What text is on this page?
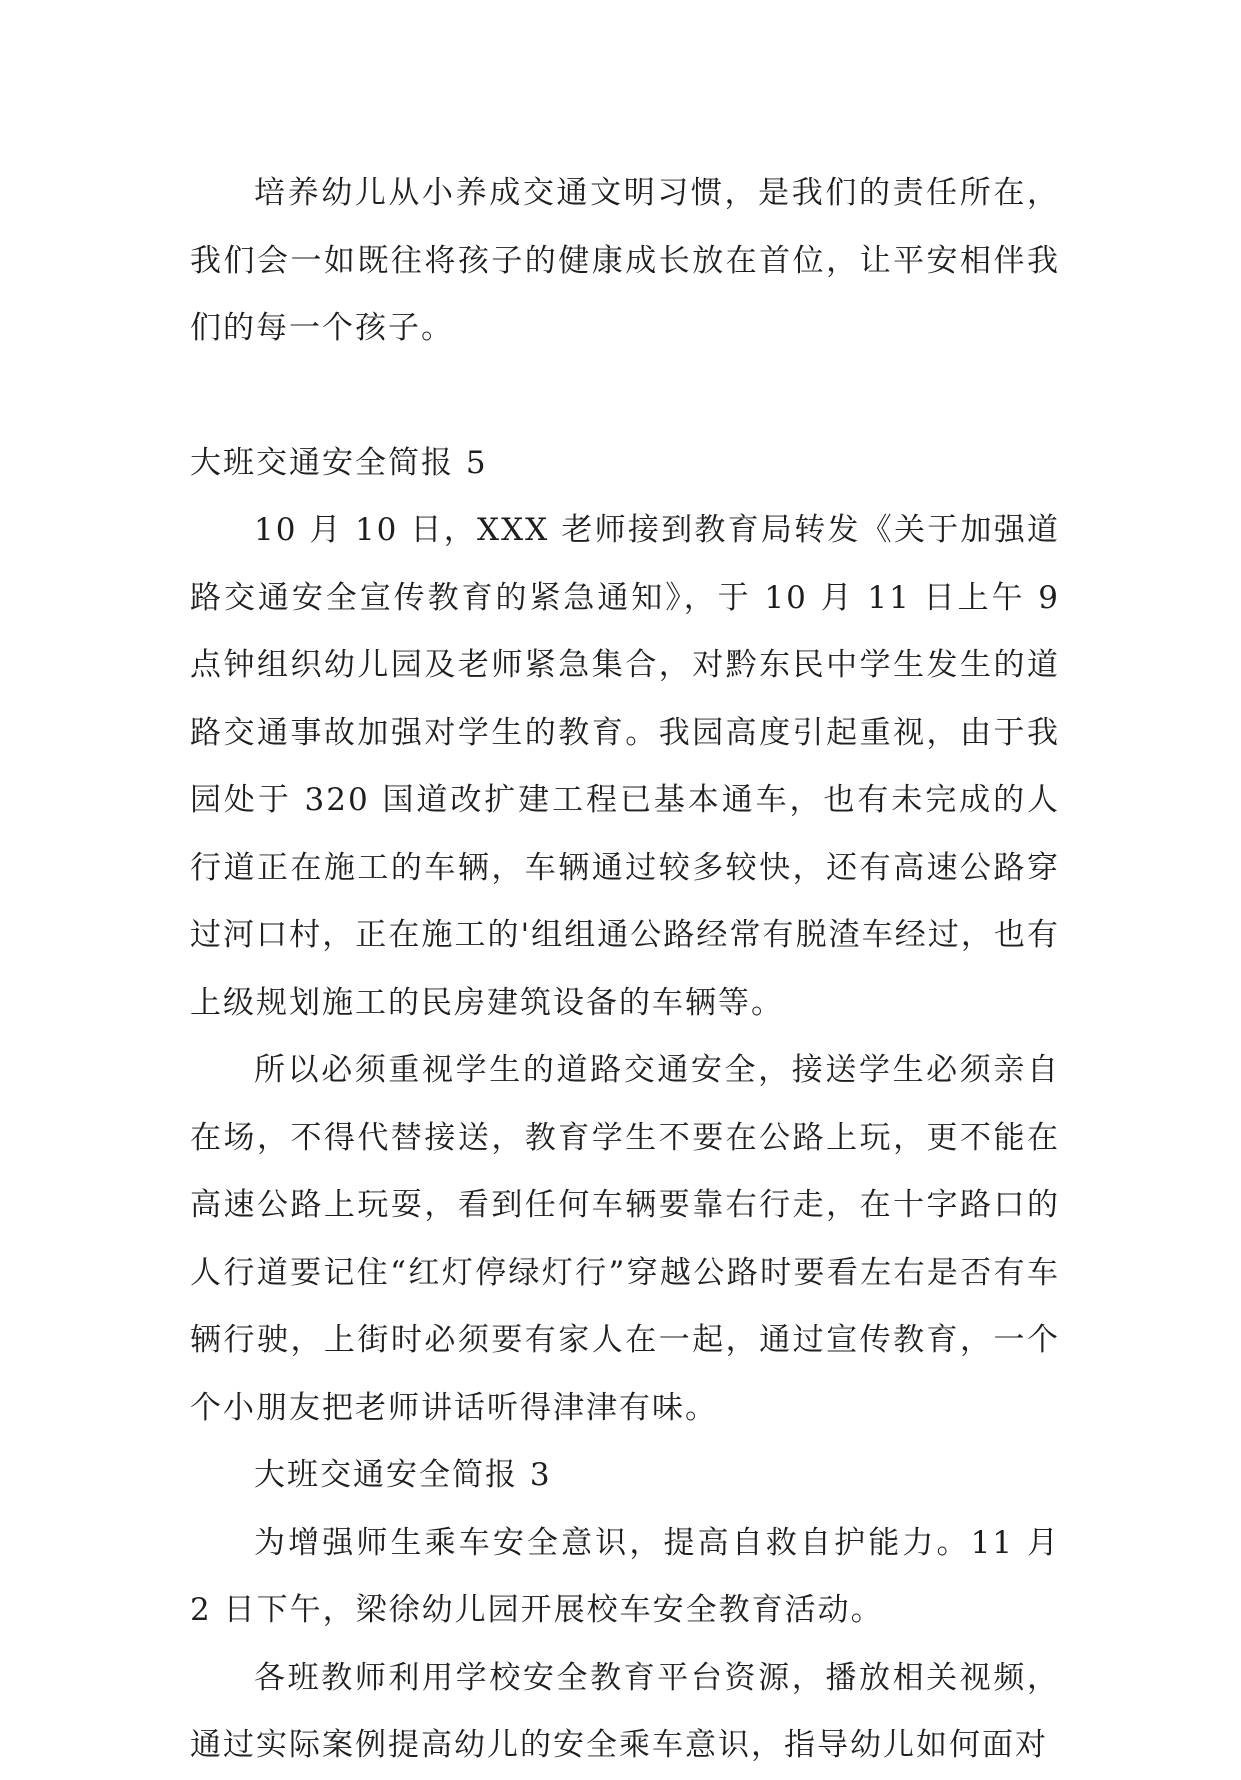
培养幼儿从小养成交通文明习惯，是我们的责任所在，我们会一如既往将孩子的健康成长放在首位，让平安相伴我们的每一个孩子。

大班交通安全简报 5

10 月 10 日，XXX 老师接到教育局转发《关于加强道路交通安全宣传教育的紧急通知》，于 10 月 11 日上午 9 点钟组织幼儿园及老师紧急集合，对黔东民中学生发生的道路交通事故加强对学生的教育。我园高度引起重视，由于我园处于 320 国道改扩建工程已基本通车，也有未完成的人行道正在施工的车辆，车辆通过较多较快，还有高速公路穿过河口村，正在施工的'组组通公路经常有脱渣车经过，也有上级规划施工的民房建筑设备的车辆等。

所以必须重视学生的道路交通安全，接送学生必须亲自在场，不得代替接送，教育学生不要在公路上玩，更不能在高速公路上玩耍，看到任何车辆要靠右行走，在十字路口的人行道要记住“红灯停绿灯行”穿越公路时要看左右是否有车辆行驶，上街时必须要有家人在一起，通过宣传教育，一个个小朋友把老师讲话听得津津有味。

大班交通安全简报 3

为增强师生乘车安全意识，提高自救自护能力。11 月 2 日下午，梁徐幼儿园开展校车安全教育活动。

各班教师利用学校安全教育平台资源，播放相关视频，通过实际案例提高幼儿的安全乘车意识，指导幼儿如何面对
